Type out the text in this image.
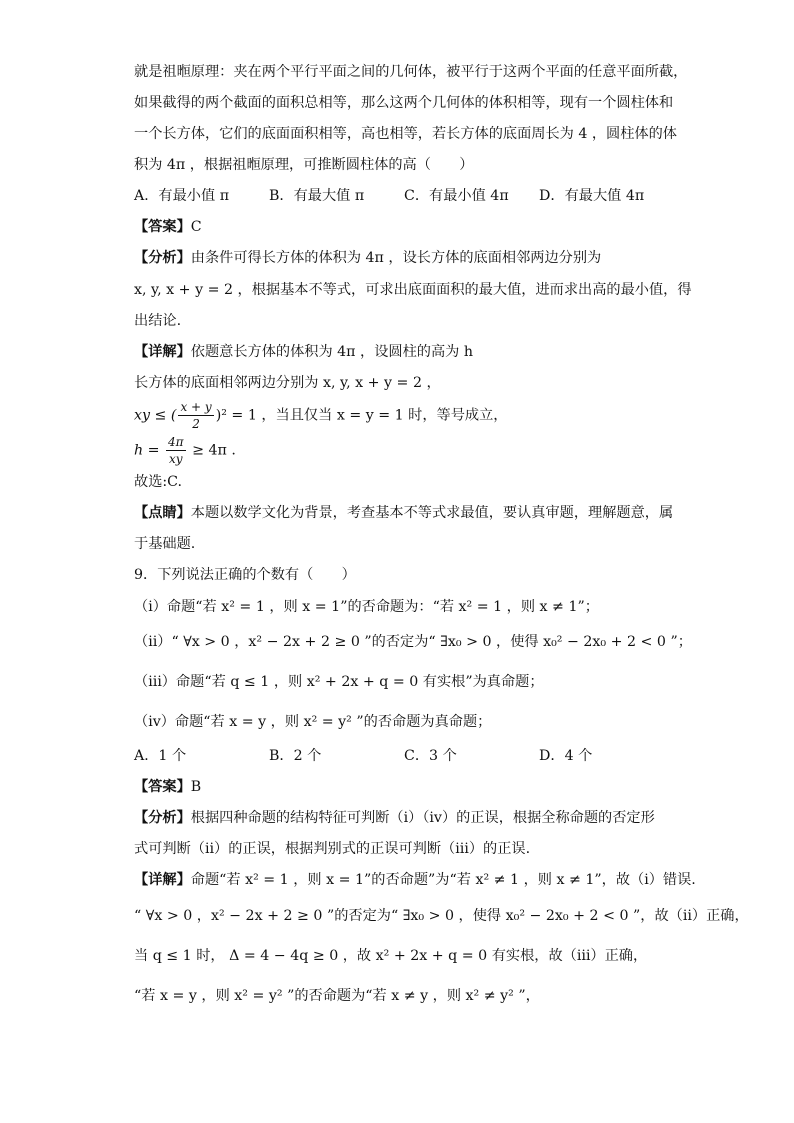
就是祖暅原理：夹在两个平行平面之间的几何体，被平行于这两个平面的任意平面所截，

如果截得的两个截面的面积总相等，那么这两个几何体的体积相等，现有一个圆柱体和

一个长方体，它们的底面面积相等，高也相等，若长方体的底面周长为 4 ，圆柱体的体

积为 4π ，根据祖暅原理，可推断圆柱体的高（　　）

A．有最小值 π	B．有最大值 π	C．有最小值 4π	D．有最大值 4π

【答案】C

【分析】由条件可得长方体的体积为 4π ，设长方体的底面相邻两边分别为

x, y, x + y = 2 ，根据基本不等式，可求出底面面积的最大值，进而求出高的最小值，得

出结论.

【详解】依题意长方体的体积为 4π ，设圆柱的高为 h

长方体的底面相邻两边分别为 x, y, x + y = 2 ，

xy ≤ ( $\frac{x + y}{2} )^2 = 1$ ，当且仅当 x = y = 1 时，等号成立，

$h = \frac{4\pi}{xy} \ge 4\pi$ .

故选:C.

【点睛】本题以数学文化为背景，考查基本不等式求最值，要认真审题，理解题意，属

于基础题.

9．下列说法正确的个数有（　　）

（ⅰ）命题“若 x² = 1 ，则 x = 1”的否命题为：“若 x² = 1 ，则 x ≠ 1”；

（ⅱ）“ ∀x > 0 ，x² − 2x + 2 ≥ 0 ”的否定为“ ∃x₀ > 0 ，使得 x₀² − 2x₀ + 2 < 0 ”；

（ⅲ）命题“若 q ≤ 1 ，则 x² + 2x + q = 0 有实根”为真命题；

（ⅳ）命题“若 x = y ，则 x² = y² ”的否命题为真命题；

A．1 个	B．2 个	C．3 个	D．4 个

【答案】B

【分析】根据四种命题的结构特征可判断（ⅰ）（ⅳ）的正误，根据全称命题的否定形

式可判断（ⅱ）的正误，根据判别式的正误可判断（ⅲ）的正误.

【详解】命题“若 x² = 1 ，则 x = 1”的否命题”为“若 x² ≠ 1 ，则 x ≠ 1”，故（ⅰ）错误.

“ ∀x > 0 ，x² − 2x + 2 ≥ 0 ”的否定为“ ∃x₀ > 0 ，使得 x₀² − 2x₀ + 2 < 0 ”，故（ⅱ）正确，

当 q ≤ 1 时， Δ = 4 − 4q ≥ 0 ，故 x² + 2x + q = 0 有实根，故（ⅲ）正确，

“若 x = y ，则 x² = y² ”的否命题为“若 x ≠ y ，则 x² ≠ y² ”，
